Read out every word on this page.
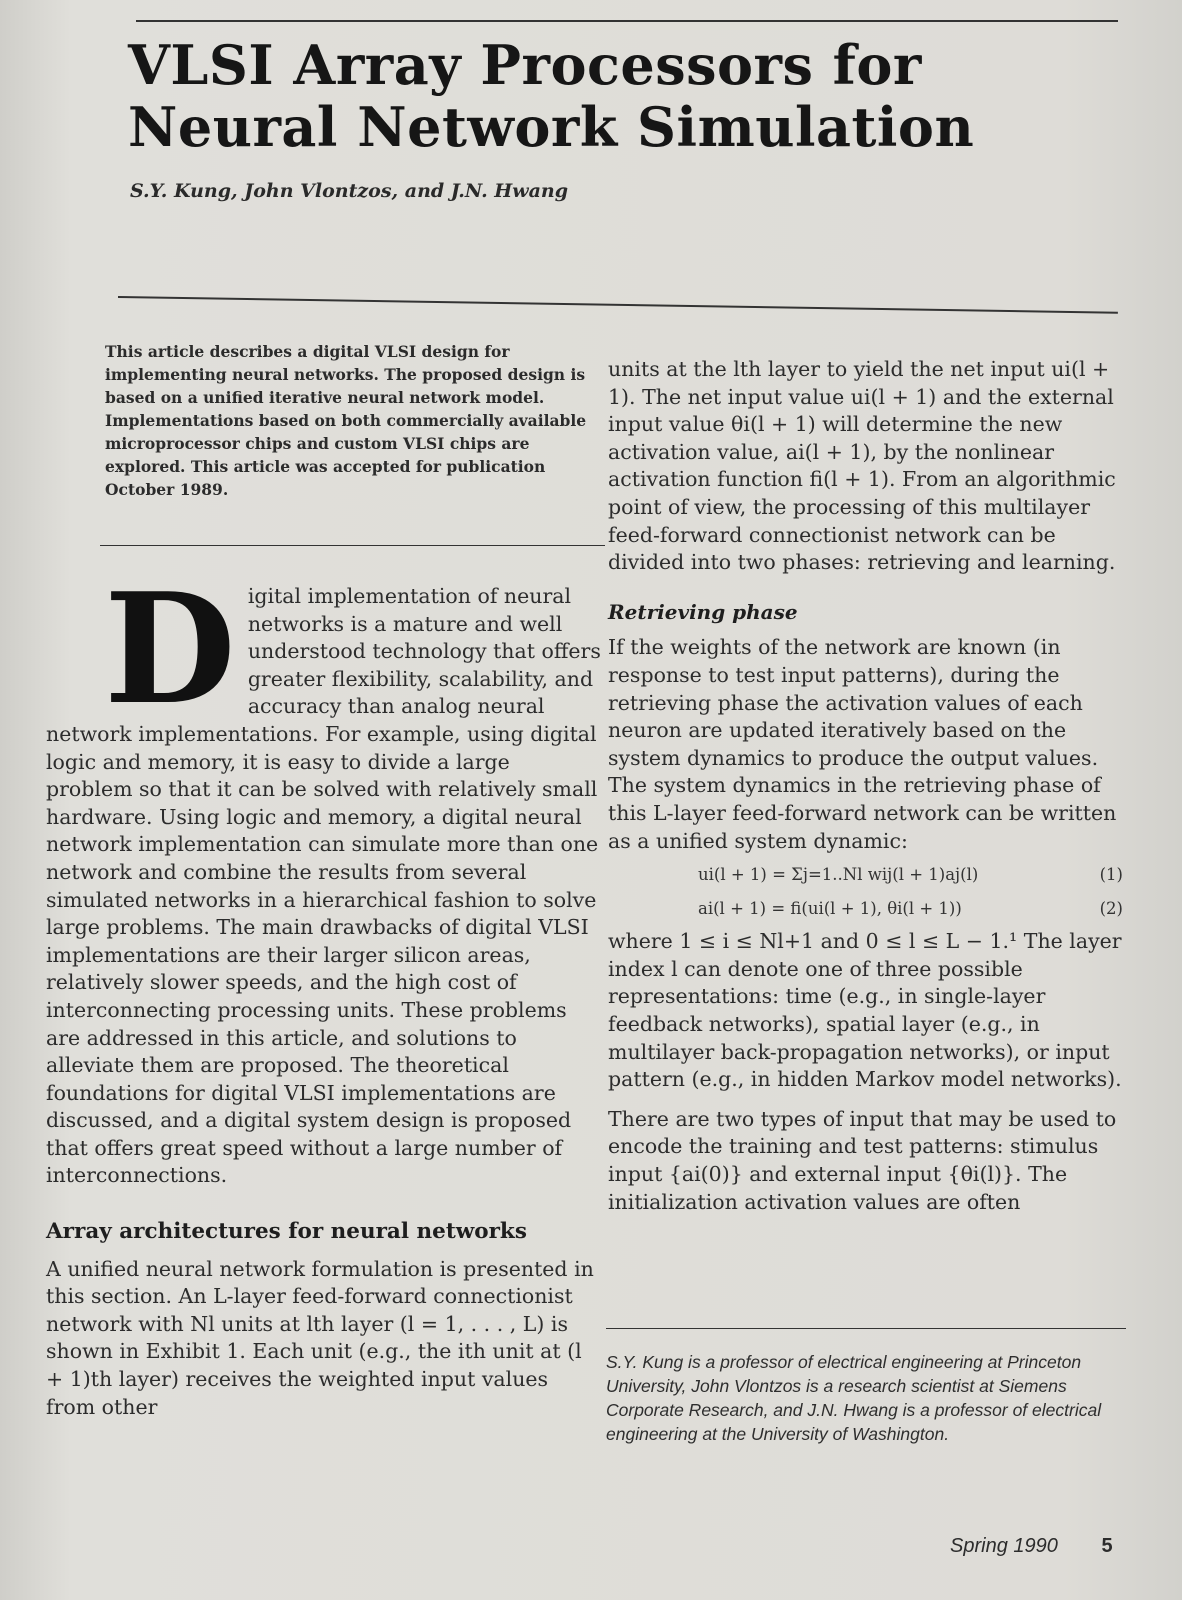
VLSI Array Processors for Neural Network Simulation
S.Y. Kung, John Vlontzos, and J.N. Hwang

This article describes a digital VLSI design for implementing neural networks. The proposed design is based on a unified iterative neural network model. Implementations based on both commercially available microprocessor chips and custom VLSI chips are explored. This article was accepted for publication October 1989.

D igital implementation of neural networks is a mature and well understood technology that offers greater flexibility, scalability, and accuracy than analog neural network implementations. For example, using digital logic and memory, it is easy to divide a large problem so that it can be solved with relatively small hardware. Using logic and memory, a digital neural network implementation can simulate more than one network and combine the results from several simulated networks in a hierarchical fashion to solve large problems. The main drawbacks of digital VLSI implementations are their larger silicon areas, relatively slower speeds, and the high cost of interconnecting processing units. These problems are addressed in this article, and solutions to alleviate them are proposed. The theoretical foundations for digital VLSI implementations are discussed, and a digital system design is proposed that offers great speed without a large number of interconnections.
Array architectures for neural networks

A unified neural network formulation is presented in this section. An L-layer feed-forward connectionist network with Nl units at lth layer (l = 1, . . . , L) is shown in Exhibit 1. Each unit (e.g., the ith unit at (l + 1)th layer) receives the weighted input values from other

units at the lth layer to yield the net input ui(l + 1). The net input value ui(l + 1) and the external input value θi(l + 1) will determine the new activation value, ai(l + 1), by the nonlinear activation function fi(l + 1). From an algorithmic point of view, the processing of this multilayer feed-forward connectionist network can be divided into two phases: retrieving and learning.

Retrieving phase

If the weights of the network are known (in response to test input patterns), during the retrieving phase the activation values of each neuron are updated iteratively based on the system dynamics to produce the output values. The system dynamics in the retrieving phase of this L-layer feed-forward network can be written as a unified system dynamic:

ui(l + 1) = Σj=1..Nl wij(l + 1)aj(l)	(1)
ai(l + 1) = fi(ui(l + 1), θi(l + 1))	(2)

where 1 ≤ i ≤ Nl+1 and 0 ≤ l ≤ L − 1.¹ The layer index l can denote one of three possible representations: time (e.g., in single-layer feedback networks), spatial layer (e.g., in multilayer back-propagation networks), or input pattern (e.g., in hidden Markov model networks).

There are two types of input that may be used to encode the training and test patterns: stimulus input {ai(0)} and external input {θi(l)}. The initialization activation values are often

S.Y. Kung is a professor of electrical engineering at Princeton University, John Vlontzos is a research scientist at Siemens Corporate Research, and J.N. Hwang is a professor of electrical engineering at the University of Washington.

Spring 1990 5
